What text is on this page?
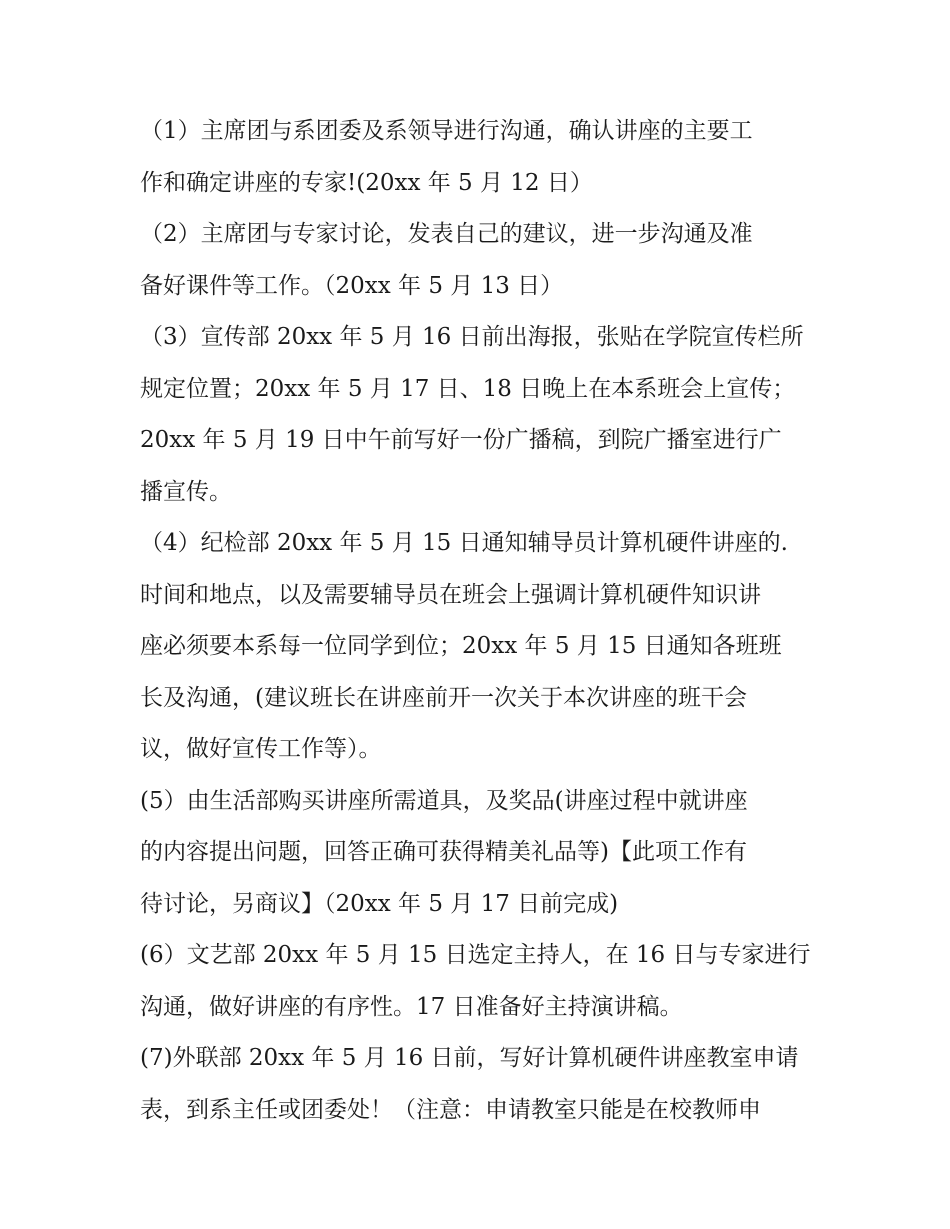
（1）主席团与系团委及系领导进行沟通，确认讲座的主要工
作和确定讲座的专家!(20xx 年 5 月 12 日）
（2）主席团与专家讨论，发表自己的建议，进一步沟通及准
备好课件等工作。（20xx 年 5 月 13 日）
（3）宣传部 20xx 年 5 月 16 日前出海报，张贴在学院宣传栏所
规定位置；20xx 年 5 月 17 日、18 日晚上在本系班会上宣传；
20xx 年 5 月 19 日中午前写好一份广播稿，到院广播室进行广
播宣传。
（4）纪检部 20xx 年 5 月 15 日通知辅导员计算机硬件讲座的.
时间和地点，以及需要辅导员在班会上强调计算机硬件知识讲
座必须要本系每一位同学到位；20xx 年 5 月 15 日通知各班班
长及沟通，(建议班长在讲座前开一次关于本次讲座的班干会
议，做好宣传工作等）。
(5）由生活部购买讲座所需道具，及奖品(讲座过程中就讲座
的内容提出问题，回答正确可获得精美礼品等)【此项工作有
待讨论，另商议】（20xx 年 5 月 17 日前完成)
(6）文艺部 20xx 年 5 月 15 日选定主持人，在 16 日与专家进行
沟通，做好讲座的有序性。17 日准备好主持演讲稿。
(7)外联部 20xx 年 5 月 16 日前，写好计算机硬件讲座教室申请
表，到系主任或团委处！（注意：申请教室只能是在校教师申
